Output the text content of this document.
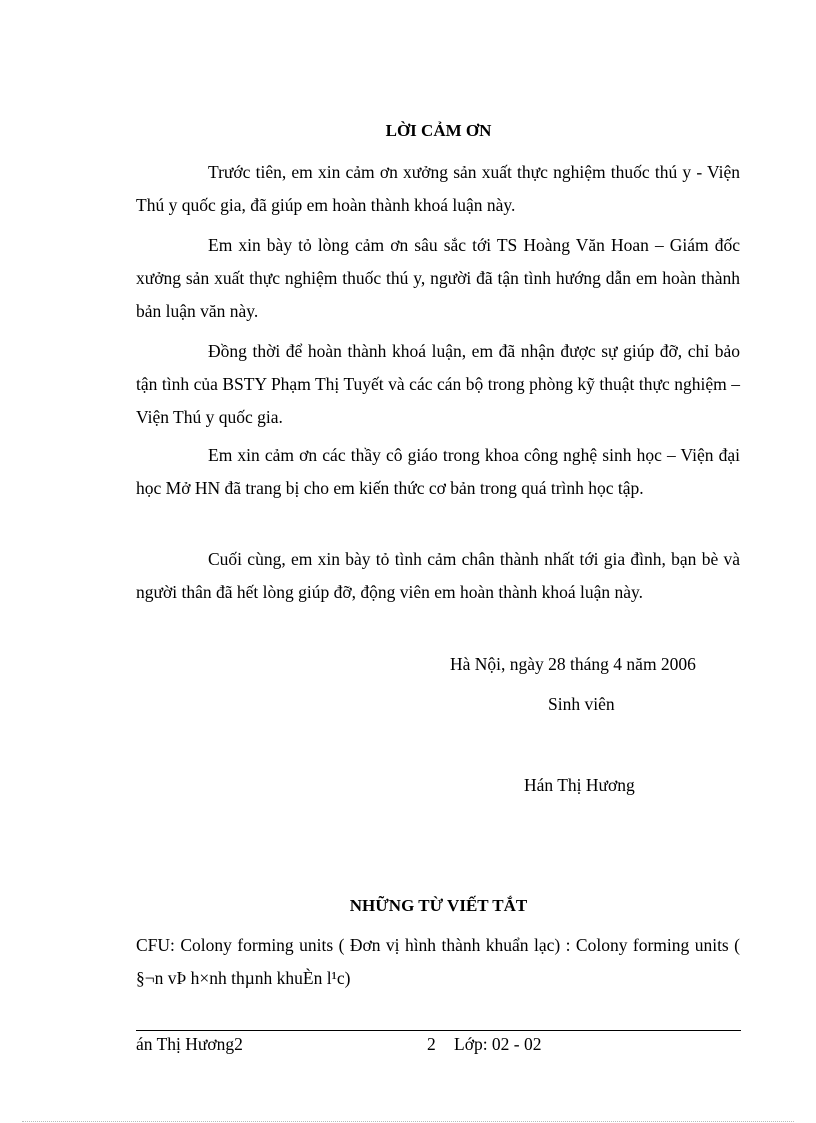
LỜI CẢM ƠN

Trước tiên, em xin cảm ơn xưởng sản xuất thực nghiệm thuốc thú y - Viện Thú y quốc gia, đã giúp em hoàn thành khoá luận này.

Em xin bày tỏ lòng cảm ơn sâu sắc tới TS Hoàng Văn Hoan – Giám đốc xưởng sản xuất thực nghiệm thuốc thú y, người đã tận tình hướng dẫn em hoàn thành bản luận văn này.

Đồng thời để hoàn thành khoá luận, em đã nhận được sự giúp đỡ, chỉ bảo tận tình của BSTY Phạm Thị Tuyết và các cán bộ trong phòng kỹ thuật thực nghiệm – Viện Thú y quốc gia.

Em xin cảm ơn các thầy cô giáo trong khoa công nghệ sinh học – Viện đại học Mở HN đã trang bị cho em kiến thức cơ bản trong quá trình học tập.

Cuối cùng, em xin bày tỏ tình cảm chân thành nhất tới gia đình, bạn bè và người thân đã hết lòng giúp đỡ, động viên em hoàn thành khoá luận này.

Hà Nội, ngày 28 tháng 4 năm 2006
Sinh viên
Hán Thị Hương
NHỮNG TỪ VIẾT TẮT

CFU: Colony forming units ( Đơn vị hình thành khuẩn lạc) : Colony forming units ( §¬n vÞ h×nh thµnh khuÈn l¹c)

án Thị Hương2	2 Lớp: 02 - 02
